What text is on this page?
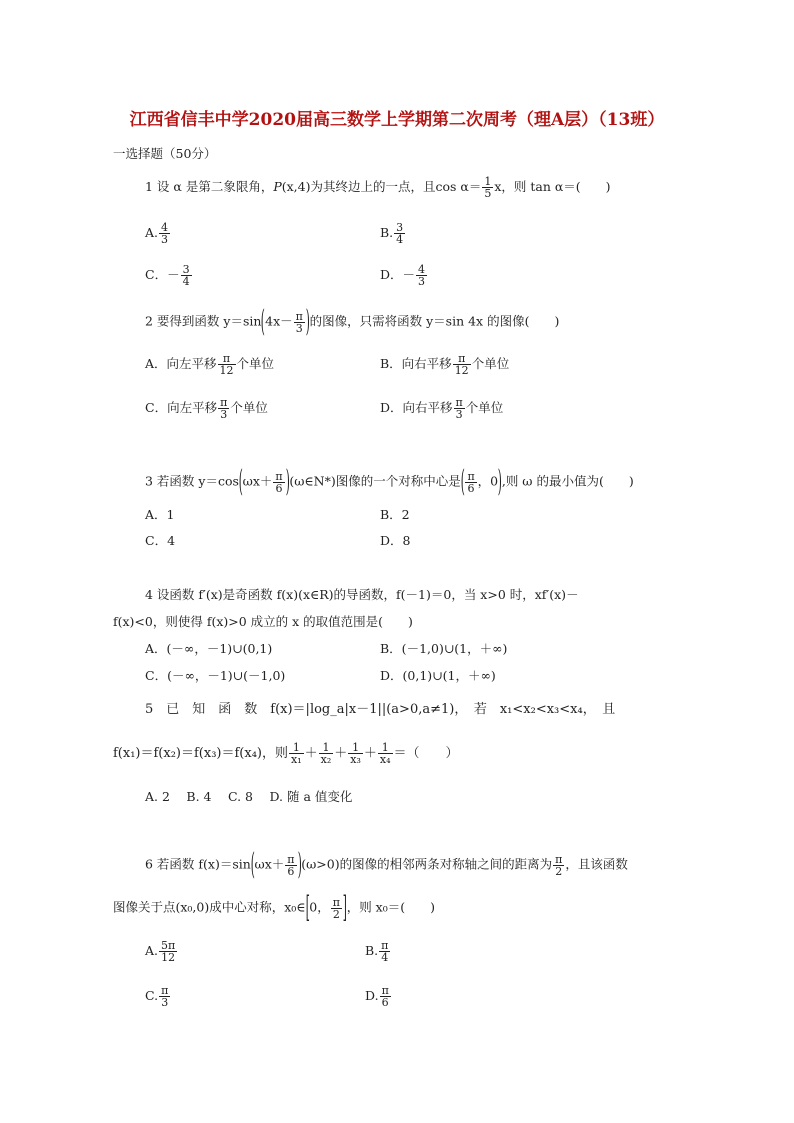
江西省信丰中学2020届高三数学上学期第二次周考（理A层）（13班）
一选择题（50分）
1 设 α 是第二象限角，P(x,4)为其终边上的一点，且$\cos \alpha= \frac{1}{5}$ x，则 tan α＝(　　)
A. $\frac{4}{3}$	B. $\frac{3}{4}$
C．－ $\frac{3}{4}$	D．－ $\frac{4}{3}$
2 要得到函数 $y=\sin(4x- \frac{\pi}{3}$ )的图像，只需将函数 y＝sin 4x 的图像(　　)
A．向左平移 $\frac{\pi}{12}$ 个单位	B．向右平移 $\frac{\pi}{12}$ 个单位
C．向左平移 $\frac{\pi}{3}$ 个单位	D．向右平移 $\frac{\pi}{3}$ 个单位
3 若函数 $y=\cos(\omega x+ \frac{\pi}{6}$ )(ω∈N*)图像的一个对称中心是( $\frac{\pi}{6}$ ，0),则 ω 的最小值为(　　)
A．1	B．2
C．4	D．8
4 设函数 f′(x)是奇函数 f(x)(x∈R)的导函数，f(－1)＝0，当 x>0 时，xf′(x)－
f(x)<0，则使得 f(x)>0 成立的 x 的取值范围是(　　)
A．(－∞，－1)∪(0,1)	B．(－1,0)∪(1，＋∞)
C．(－∞，－1)∪(－1,0)	D．(0,1)∪(1，＋∞)
5　已　知　函　数　f(x)＝|log_a|x－1||(a>0,a≠1)，　若　x₁<x₂<x₃<x₄，　且
f(x₁)＝f(x₂)＝f(x₃)＝f(x₄)，则 $\frac{1}{\text{x₁}} + \frac{1}{\text{x₂}} + \frac{1}{\text{x₃}} + \frac{1}{\text{x₄}}$ ＝（　　）
A. 2　 B. 4　 C. 8　 D. 随 a 值变化
6 若函数 $f(x)=\sin(\omega x+ \frac{\pi}{6} )(\omega>0)$的图像的相邻两条对称轴之间的距离为 $\frac{\pi}{2}$ ，且该函数
图像关于点(x₀,0)成中心对称，x₀∈[0， $\frac{\pi}{2}$ ]，则 x₀＝(　　)
A. $\frac{5\pi}{12}$	B. $\frac{\pi}{4}$
C. $\frac{\pi}{3}$	D. $\frac{\pi}{6}$
